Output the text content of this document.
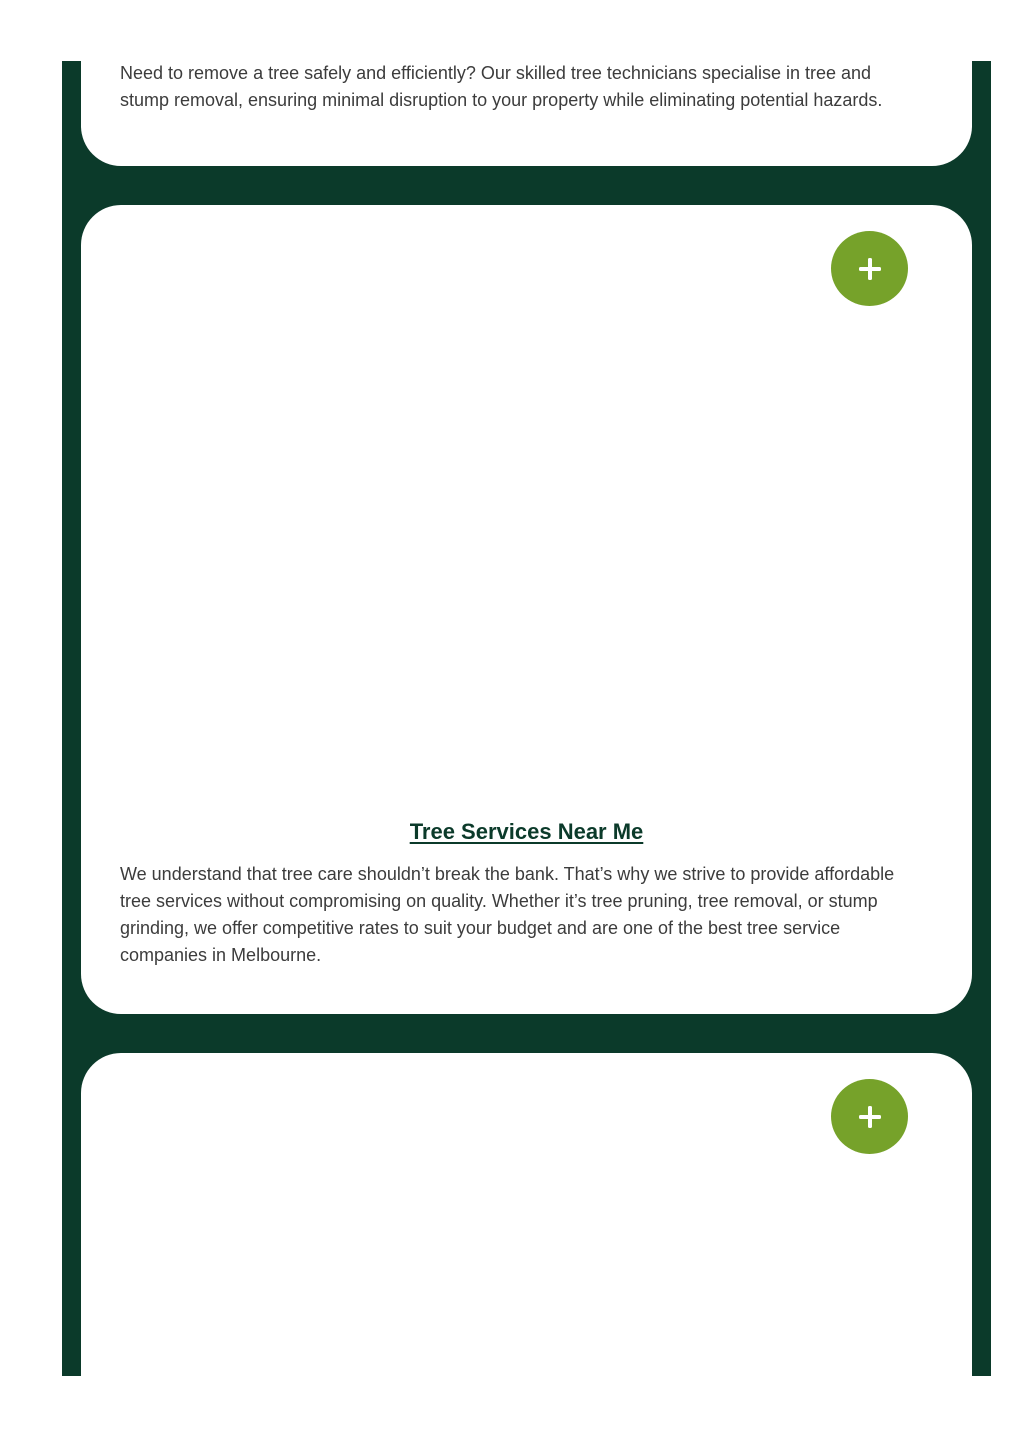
Need to remove a tree safely and efficiently? Our skilled tree technicians specialise in tree and stump removal, ensuring minimal disruption to your property while eliminating potential hazards.

Tree Services Near Me

We understand that tree care shouldn’t break the bank. That’s why we strive to provide affordable tree services without compromising on quality. Whether it’s tree pruning, tree removal, or stump grinding, we offer competitive rates to suit your budget and are one of the best tree service companies in Melbourne.
